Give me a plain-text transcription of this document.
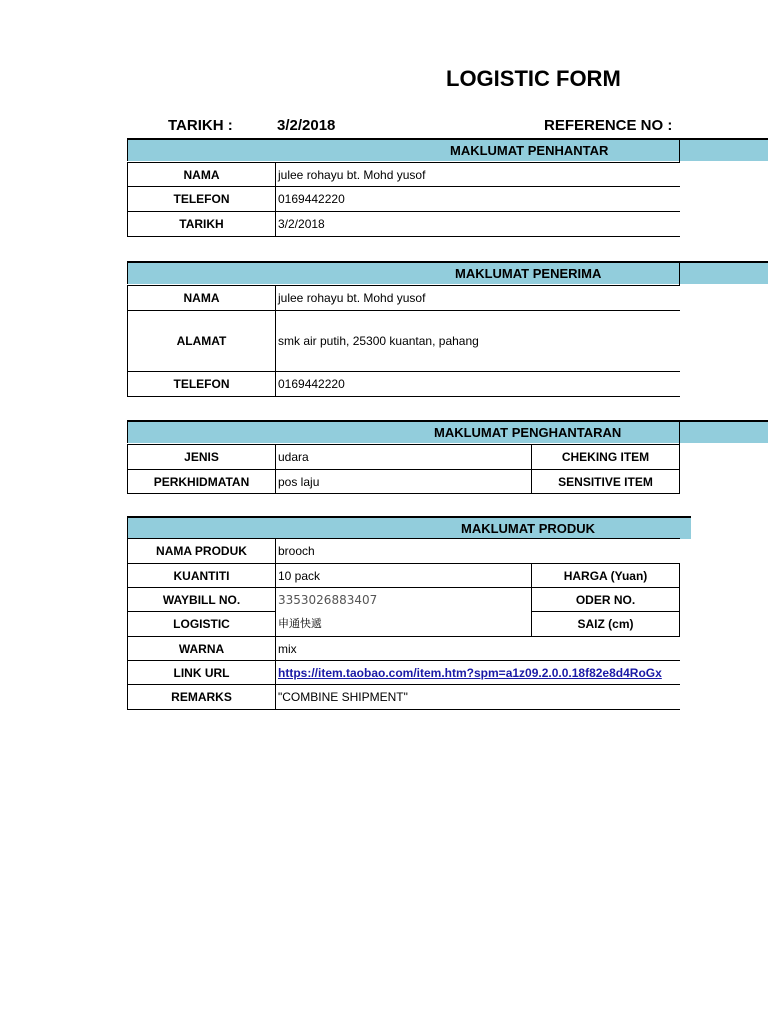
LOGISTIC FORM
TARIKH :	3/2/2018	REFERENCE NO :
MAKLUMAT PENHANTAR
NAMA	julee rohayu bt. Mohd yusof
TELEFON	0169442220
TARIKH	3/2/2018
MAKLUMAT PENERIMA
NAMA	julee rohayu bt. Mohd yusof
ALAMAT	smk air putih, 25300 kuantan, pahang
TELEFON	0169442220
MAKLUMAT PENGHANTARAN
JENIS	udara	CHEKING ITEM
PERKHIDMATAN	pos laju	SENSITIVE ITEM
MAKLUMAT PRODUK
NAMA PRODUK	brooch
KUANTITI	10 pack	HARGA (Yuan)
WAYBILL NO.	3353026883407	ODER NO.
LOGISTIC	申通快遞	SAIZ (cm)
WARNA	mix
LINK URL	https://item.taobao.com/item.htm?spm=a1z09.2.0.0.18f82e8d4RoGx
REMARKS	"COMBINE SHIPMENT"
